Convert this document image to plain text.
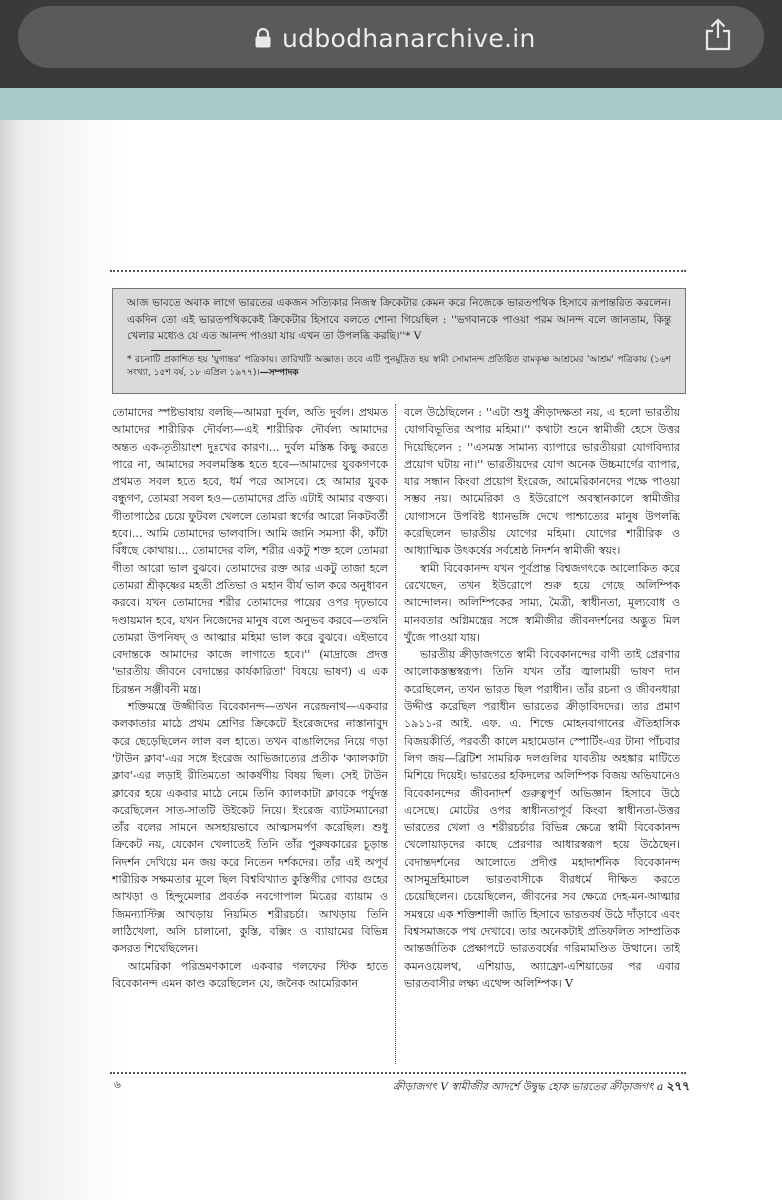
udbodhanarchive.in

আজ ভাবতে অবাক লাগে ভারতের একজন সত্যিকার নিজস্ব ক্রিকেটার কেমন করে নিজেকে ভারতপথিক হিসাবে রূপান্তরিত করলেন। একদিন তো এই ভারতপথিককেই ক্রিকেটার হিসাবে বলতে শোনা গিয়েছিল : ''ভগবানকে পাওয়া পরম আনন্দ বলে জানতাম, কিন্তু খেলার মধ্যেও যে এত আনন্দ পাওয়া যায় এখন তা উপলব্ধি করছি।''* V

* রচনাটি প্রকাশিত হয় 'যুগান্তর' পত্রিকায়। তারিখটি অজ্ঞাত। তবে এটি পুনর্মুদ্রিত হয় স্বামী সোমানন্দ প্রতিষ্ঠিত রামকৃষ্ণ আশ্রমের 'আশ্রম' পত্রিকায় (১৬শ সংখ্যা, ১৫শ বর্ষ, ১৮ এপ্রিল ১৯৭৭)।—সম্পাদক

তোমাদের স্পষ্টভাষায় বলছি—আমরা দুর্বল, অতি দুর্বল। প্রথমত আমাদের শারীরিক দৌর্বল্য—এই শারীরিক দৌর্বল্য আমাদের অন্তত এক-তৃতীয়াংশ দুঃখের কারণ।... দুর্বল মস্তিষ্ক কিছু করতে পারে না, আমাদের সবলমস্তিষ্ক হতে হবে—আমাদের যুবকগণকে প্রথমত সবল হতে হবে, ধর্ম পরে আসবে। হে আমার যুবক বন্ধুগণ, তোমরা সবল হও—তোমাদের প্রতি এটাই আমার বক্তব্য। গীতাপাঠের চেয়ে ফুটবল খেললে তোমরা স্বর্গের আরো নিকটবর্তী হবে।... আমি তোমাদের ভালবাসি। আমি জানি সমস্যা কী, কাঁটা বিঁধছে কোথায়।... তোমাদের বলি, শরীর একটু শক্ত হলে তোমরা গীতা আরো ভাল বুঝবে। তোমাদের রক্ত আর একটু তাজা হলে তোমরা শ্রীকৃষ্ণের মহতী প্রতিভা ও মহান বীর্য ভাল করে অনুধাবন করবে। যখন তোমাদের শরীর তোমাদের পায়ের ওপর দৃঢ়ভাবে দণ্ডায়মান হবে, যখন নিজেদের মানুষ বলে অনুভব করবে—তখনি তোমরা উপনিষদ্ ও আত্মার মহিমা ভাল করে বুঝবে। এইভাবে বেদান্তকে আমাদের কাজে লাগাতে হবে।'' (মাদ্রাজে প্রদত্ত 'ভারতীয় জীবনে বেদান্তের কার্যকারিতা' বিষয়ে ভাষণ) এ এক চিরন্তন সঞ্জীবনী মন্ত্র।

শক্তিমন্ত্রে উজ্জীবিত বিবেকানন্দ—তখন নরেন্দ্রনাথ—একবার কলকাতার মাঠে প্রথম শ্রেণির ক্রিকেটে ইংরেজদের নাস্তানাবুদ করে ছেড়েছিলেন লাল বল হাতে। তখন বাঙালিদের নিয়ে গড়া 'টাউন ক্লাব'-এর সঙ্গে ইংরেজ আভিজাত্যের প্রতীক 'ক্যালকাটা ক্লাব'-এর লড়াই রীতিমতো আকর্ষণীয় বিষয় ছিল। সেই টাউন ক্লাবের হয়ে একবার মাঠে নেমে তিনি ক্যালকাটা ক্লাবকে পর্যুদস্ত করেছিলেন সাত-সাতটি উইকেট নিয়ে। ইংরেজ ব্যাটসম্যানেরা তাঁর বলের সামনে অসহায়ভাবে আত্মসমর্পণ করেছিল। শুধু ক্রিকেট নয়, যেকোন খেলাতেই তিনি তাঁর পুরুষকারের চূড়ান্ত নিদর্শন দেখিয়ে মন জয় করে নিতেন দর্শকদের। তাঁর এই অপূর্ব শারীরিক সক্ষমতার মূলে ছিল বিশ্ববিখ্যাত কুস্তিগীর গোবর গুহের আখড়া ও হিন্দুমেলার প্রবর্তক নবগোপাল মিত্রের ব্যায়াম ও জিমন্যাস্টিক্স আখড়ায় নিয়মিত শরীরচর্চা। আখড়ায় তিনি লাঠিখেলা, অসি চালানো, কুস্তি, বক্সিং ও ব্যায়ামের বিভিন্ন কসরত শিখেছিলেন।

আমেরিকা পরিভ্রমণকালে একবার গলফের স্টিক হাতে বিবেকানন্দ এমন কাণ্ড করেছিলেন যে, জনৈক আমেরিকান

বলে উঠেছিলেন : ''এটা শুধু ক্রীড়াদক্ষতা নয়, এ হলো ভারতীয় যোগবিভূতির অপার মহিমা।'' কথাটা শুনে স্বামীজী হেসে উত্তর দিয়েছিলেন : ''এসমস্ত সামান্য ব্যাপারে ভারতীয়রা যোগবিদ্যার প্রয়োগ ঘটায় না।'' ভারতীয়দের যোগ অনেক উচ্চমার্গের ব্যাপার, যার সন্ধান কিংবা প্রয়োগ ইংরেজ, আমেরিকানদের পক্ষে পাওয়া সম্ভব নয়। আমেরিকা ও ইউরোপে অবস্থানকালে স্বামীজীর যোগাসনে উপবিষ্ট ধ্যানভঙ্গি দেখে পাশ্চাত্যের মানুষ উপলব্ধি করেছিলেন ভারতীয় যোগের মহিমা। যোগের শারীরিক ও আধ্যাত্মিক উৎকর্ষের সর্বশ্রেষ্ঠ নিদর্শন স্বামীজী স্বয়ং।

স্বামী বিবেকানন্দ যখন পূর্বপ্রান্ত বিশ্বজগৎকে আলোকিত করে রেখেছেন, তখন ইউরোপে শুরু হয়ে গেছে অলিম্পিক আন্দোলন। অলিম্পিকের সাম্য, মৈত্রী, স্বাধীনতা, মূল্যবোধ ও মানবতার অগ্নিমন্ত্রের সঙ্গে স্বামীজীর জীবনদর্শনের অদ্ভুত মিল খুঁজে পাওয়া যায়।

ভারতীয় ক্রীড়াজগতে স্বামী বিবেকানন্দের বাণী তাই প্রেরণার আলোকস্তম্ভস্বরূপ। তিনি যখন তাঁর জ্বালাময়ী ভাষণ দান করেছিলেন, তখন ভারত ছিল পরাধীন। তাঁর রচনা ও জীবনধারা উদ্দীপ্ত করেছিল পরাধীন ভারতের ক্রীড়াবিদদের। তার প্রমাণ ১৯১১-র আই. এফ. এ. শিল্ডে মোহনবাগানের ঐতিহাসিক বিজয়কীর্তি, পরবর্তী কালে মহামেডান স্পোর্টিং-এর টানা পাঁচবার লিগ জয়—ব্রিটিশ সামরিক দলগুলির যাবতীয় অহঙ্কার মাটিতে মিশিয়ে দিয়েই। ভারতের হকিদলের অলিম্পিক বিজয় অভিযানেও বিবেকানন্দের জীবনাদর্শ গুরুত্বপূর্ণ অভিজ্ঞান হিসাবে উঠে এসেছে। মোটের ওপর স্বাধীনতাপূর্ব কিংবা স্বাধীনতা-উত্তর ভারতের খেলা ও শরীরচর্চার বিভিন্ন ক্ষেত্রে স্বামী বিবেকানন্দ খেলোয়াড়দের কাছে প্রেরণার আধারস্বরূপ হয়ে উঠেছেন। বেদান্তদর্শনের আলোতে প্রদীপ্ত মহাদার্শনিক বিবেকানন্দ আসমুদ্রহিমাচল ভারতবাসীকে বীরধর্মে দীক্ষিত করতে চেয়েছিলেন। চেয়েছিলেন, জীবনের সব ক্ষেত্রে দেহ-মন-আত্মার সমন্বয়ে এক শক্তিশালী জাতি হিসাবে ভারতবর্ষ উঠে দাঁড়াবে এবং বিশ্বসমাজকে পথ দেখাবে। তার অনেকটাই প্রতিফলিত সাম্প্রতিক আন্তর্জাতিক প্রেক্ষাপটে ভারতবর্ষের গরিমামণ্ডিত উত্থানে। তাই কমনওয়েলথ, এশিয়াড, অ্যাফ্রো-এশিয়াডের পর এবার ভারতবাসীর লক্ষ্য এথেন্স অলিম্পিক। V

৬	ক্রীড়াজগৎ V স্বামীজীর আদর্শে উদ্বুদ্ধ হোক ভারতের ক্রীড়াজগৎ a ২৭৭
